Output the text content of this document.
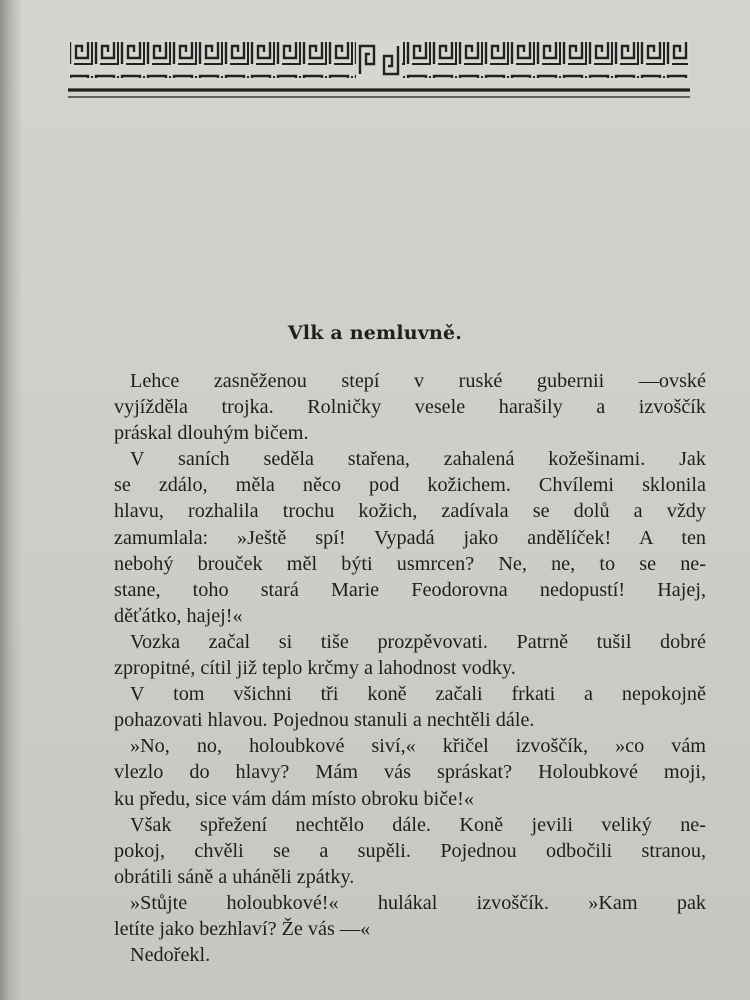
Vlk a nemluvně.

Lehce zasněženou stepí v ruské gubernii —ovské
vyjížděla trojka. Rolničky vesele harašily a izvoščík
práskal dlouhým bičem.

V saních seděla stařena, zahalená kožešinami. Jak
se zdálo, měla něco pod kožichem. Chvílemi sklonila
hlavu, rozhalila trochu kožich, zadívala se dolů a vždy
zamumlala: »Ještě spí! Vypadá jako andělíček! A ten
nebohý brouček měl býti usmrcen? Ne, ne, to se ne-
stane, toho stará Marie Feodorovna nedopustí! Hajej,
děťátko, hajej!«

Vozka začal si tiše prozpěvovati. Patrně tušil dobré
zpropitné, cítil již teplo krčmy a lahodnost vodky.

V tom všichni tři koně začali frkati a nepokojně
pohazovati hlavou. Pojednou stanuli a nechtěli dále.

»No, no, holoubkové siví,« křičel izvoščík, »co vám
vlezlo do hlavy? Mám vás spráskat? Holoubkové moji,
ku předu, sice vám dám místo obroku biče!«

Však spřežení nechtělo dále. Koně jevili veliký ne-
pokoj, chvěli se a supěli. Pojednou odbočili stranou,
obrátili sáně a uháněli zpátky.

»Stůjte holoubkové!« hulákal izvoščík. »Kam pak
letíte jako bezhlaví? Že vás —«

Nedořekl.
